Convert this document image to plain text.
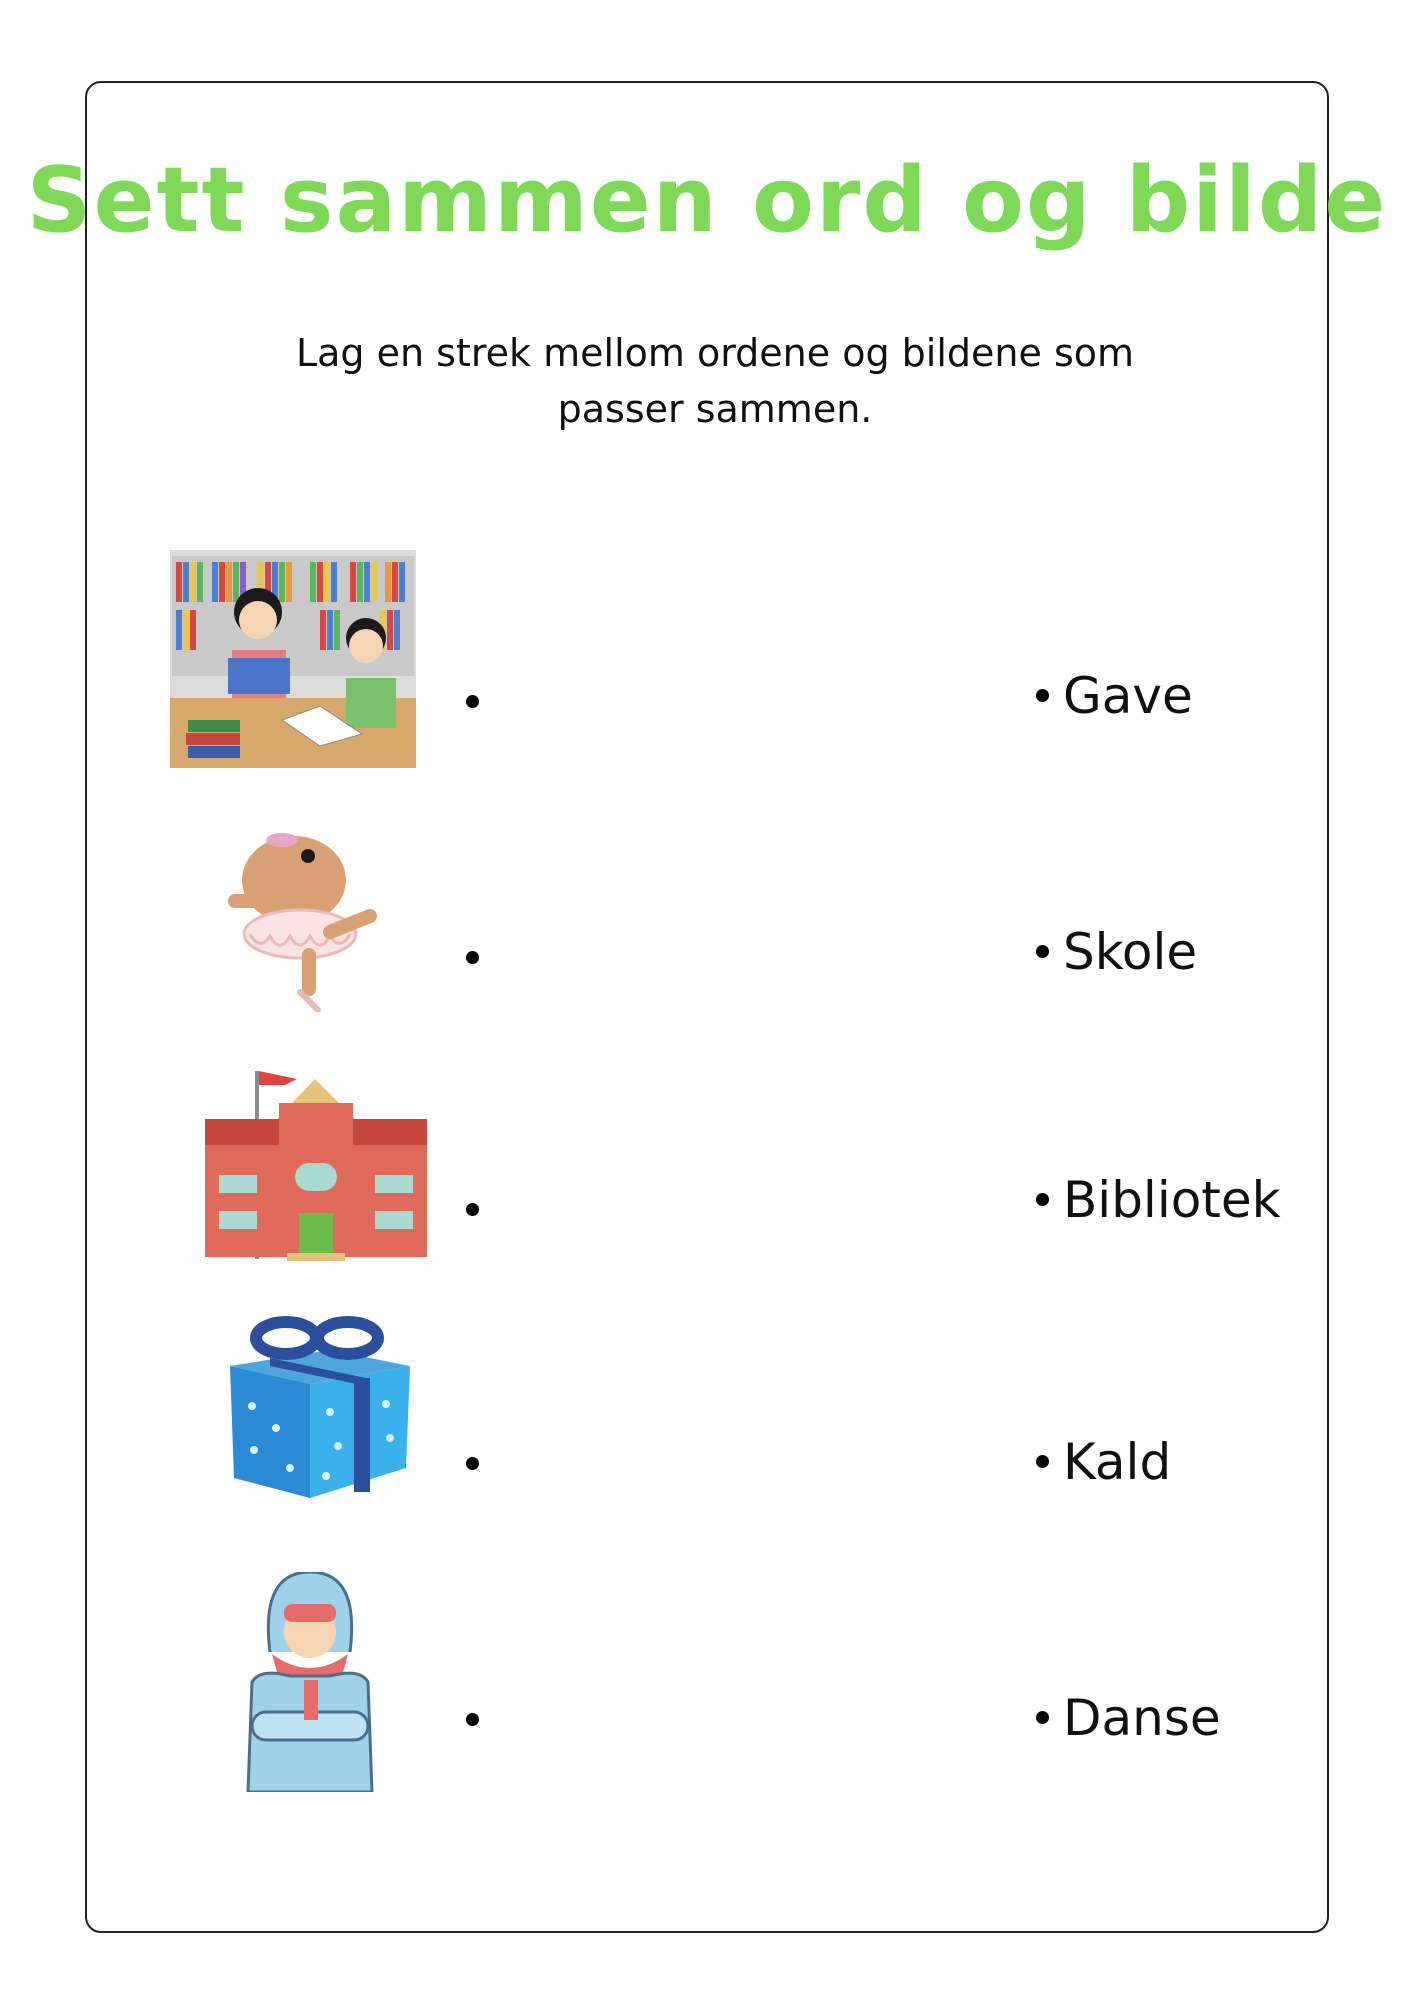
Sett sammen ord og bilde

Lag en strek mellom ordene og bildene som passer sammen.

Gave
Skole
Bibliotek
Kald
Danse
